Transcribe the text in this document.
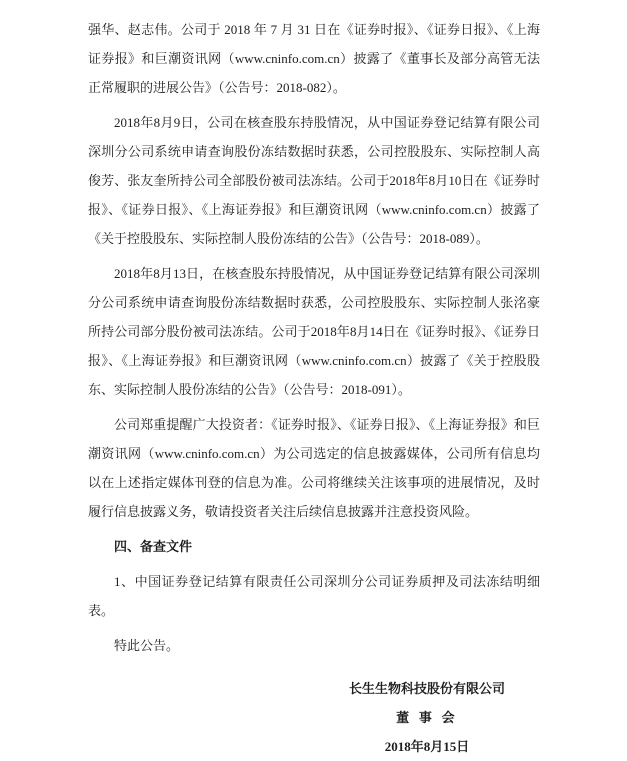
强华、赵志伟。公司于 2018 年 7 月 31 日在《证券时报》、《证券日报》、《上海证券报》和巨潮资讯网（www.cninfo.com.cn）披露了《董事长及部分高管无法正常履职的进展公告》（公告号：2018-082）。

2018年8月9日，公司在核查股东持股情况，从中国证券登记结算有限公司深圳分公司系统申请查询股份冻结数据时获悉，公司控股股东、实际控制人高俊芳、张友奎所持公司全部股份被司法冻结。公司于2018年8月10日在《证券时报》、《证券日报》、《上海证券报》和巨潮资讯网（www.cninfo.com.cn）披露了《关于控股股东、实际控制人股份冻结的公告》（公告号：2018-089）。

2018年8月13日，在核查股东持股情况，从中国证券登记结算有限公司深圳分公司系统申请查询股份冻结数据时获悉，公司控股股东、实际控制人张洺豪所持公司部分股份被司法冻结。公司于2018年8月14日在《证券时报》、《证券日报》、《上海证券报》和巨潮资讯网（www.cninfo.com.cn）披露了《关于控股股东、实际控制人股份冻结的公告》（公告号：2018-091）。

公司郑重提醒广大投资者：《证券时报》、《证券日报》、《上海证券报》和巨潮资讯网（www.cninfo.com.cn）为公司选定的信息披露媒体，公司所有信息均以在上述指定媒体刊登的信息为准。公司将继续关注该事项的进展情况，及时履行信息披露义务，敬请投资者关注后续信息披露并注意投资风险。

四、备查文件

1、中国证券登记结算有限责任公司深圳分公司证券质押及司法冻结明细表。

特此公告。

长生生物科技股份有限公司
董 事 会
2018年8月15日
